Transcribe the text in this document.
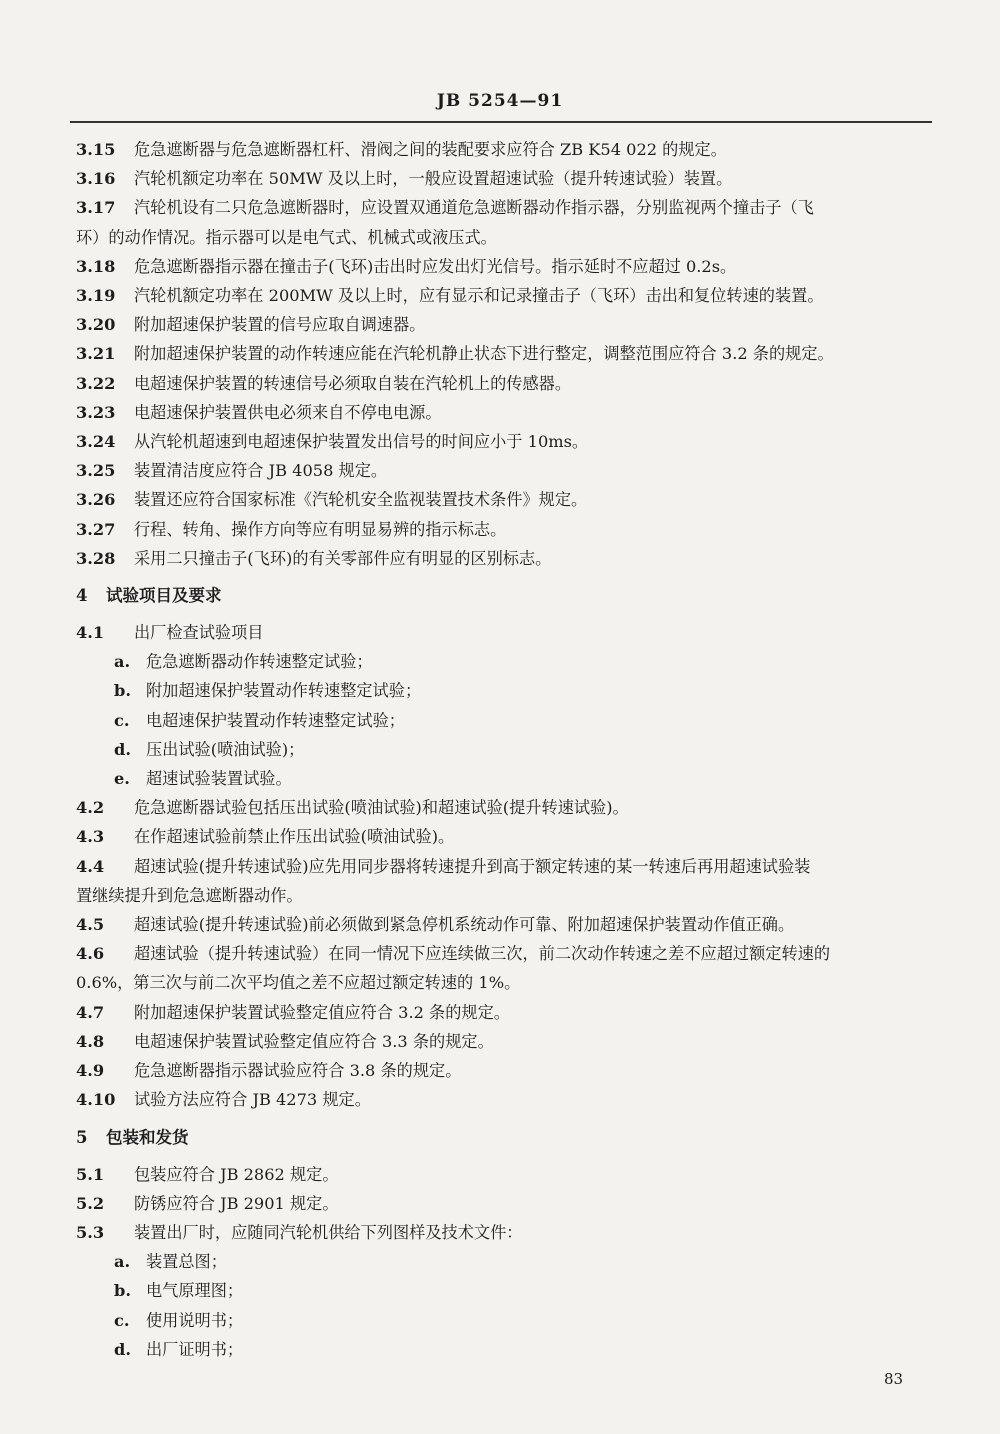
JB 5254—91
3.15 危急遮断器与危急遮断器杠杆、滑阀之间的装配要求应符合 ZB K54 022 的规定。
3.16 汽轮机额定功率在 50MW 及以上时，一般应设置超速试验（提升转速试验）装置。
3.17 汽轮机设有二只危急遮断器时，应设置双通道危急遮断器动作指示器，分别监视两个撞击子（飞
环）的动作情况。指示器可以是电气式、机械式或液压式。
3.18 危急遮断器指示器在撞击子(飞环)击出时应发出灯光信号。指示延时不应超过 0.2s。
3.19 汽轮机额定功率在 200MW 及以上时，应有显示和记录撞击子（飞环）击出和复位转速的装置。
3.20 附加超速保护装置的信号应取自调速器。
3.21 附加超速保护装置的动作转速应能在汽轮机静止状态下进行整定，调整范围应符合 3.2 条的规定。
3.22 电超速保护装置的转速信号必须取自装在汽轮机上的传感器。
3.23 电超速保护装置供电必须来自不停电电源。
3.24 从汽轮机超速到电超速保护装置发出信号的时间应小于 10ms。
3.25 装置清洁度应符合 JB 4058 规定。
3.26 装置还应符合国家标准《汽轮机安全监视装置技术条件》规定。
3.27 行程、转角、操作方向等应有明显易辨的指示标志。
3.28 采用二只撞击子(飞环)的有关零部件应有明显的区别标志。
4 试验项目及要求
4.1 出厂检查试验项目
a. 危急遮断器动作转速整定试验；
b. 附加超速保护装置动作转速整定试验；
c. 电超速保护装置动作转速整定试验；
d. 压出试验(喷油试验)；
e. 超速试验装置试验。
4.2 危急遮断器试验包括压出试验(喷油试验)和超速试验(提升转速试验)。
4.3 在作超速试验前禁止作压出试验(喷油试验)。
4.4 超速试验(提升转速试验)应先用同步器将转速提升到高于额定转速的某一转速后再用超速试验装
置继续提升到危急遮断器动作。
4.5 超速试验(提升转速试验)前必须做到紧急停机系统动作可靠、附加超速保护装置动作值正确。
4.6 超速试验（提升转速试验）在同一情况下应连续做三次，前二次动作转速之差不应超过额定转速的
0.6%，第三次与前二次平均值之差不应超过额定转速的 1%。
4.7 附加超速保护装置试验整定值应符合 3.2 条的规定。
4.8 电超速保护装置试验整定值应符合 3.3 条的规定。
4.9 危急遮断器指示器试验应符合 3.8 条的规定。
4.10 试验方法应符合 JB 4273 规定。
5 包装和发货
5.1 包装应符合 JB 2862 规定。
5.2 防锈应符合 JB 2901 规定。
5.3 装置出厂时，应随同汽轮机供给下列图样及技术文件：
a. 装置总图；
b. 电气原理图；
c. 使用说明书；
d. 出厂证明书；
83
